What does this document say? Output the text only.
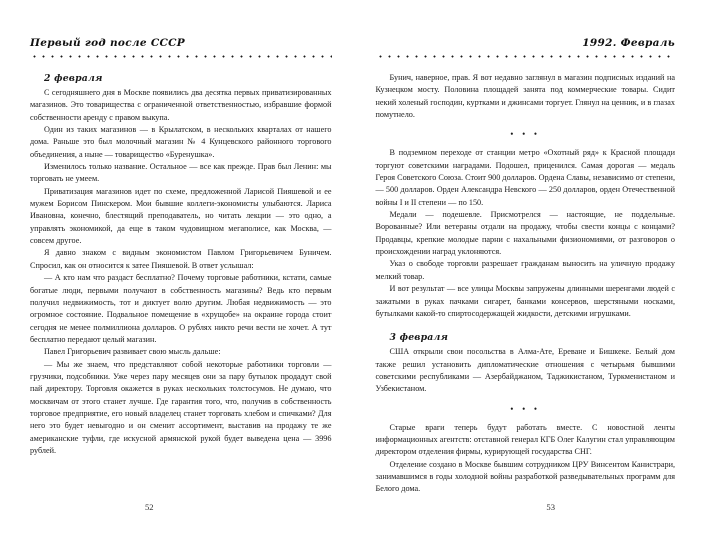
Первый год после СССР
2 февраля

С сегодняшнего дня в Москве появились два десятка первых приватизированных магазинов. Это товарищества с ограниченной ответственностью, избравшие формой собственности аренду с правом выкупа.

Один из таких магазинов — в Крылатском, в нескольких кварталах от нашего дома. Раньше это был молочный магазин № 4 Кунцевского районного торгового объединения, а ныне — товарищество «Буренушка».

Изменилось только название. Остальное — все как прежде. Прав был Ленин: мы торговать не умеем.

Приватизация магазинов идет по схеме, предложенной Ларисой Пияшевой и ее мужем Борисом Пинскером. Мои бывшие коллеги-экономисты улыбаются. Лариса Ивановна, конечно, блестящий преподаватель, но читать лекции — это одно, а управлять экономикой, да еще в таком чудовищном мегаполисе, как Москва, — совсем другое.

Я давно знаком с видным экономистом Павлом Григорьевичем Буничем. Спросил, как он относится к затее Пияшевой. В ответ услышал:

— А кто нам что раздаст бесплатно? Почему торговые работники, кстати, самые богатые люди, первыми получают в собственность магазины? Ведь кто первым получил недвижимость, тот и диктует волю другим. Любая недвижимость — это огромное состояние. Подвальное помещение в «хрущобе» на окраине города стоит сегодня не менее полмиллиона долларов. О рублях никто речи вести не хочет. А тут бесплатно передают целый магазин.

Павел Григорьевич развивает свою мысль дальше:

— Мы же знаем, что представляют собой некоторые работники торговли — грузчики, подсобники. Уже через пару месяцев они за пару бутылок продадут свой пай директору. Торговля окажется в руках нескольких толстосумов. Не думаю, что москвичам от этого станет лучше. Где гарантия того, что, получив в собственность торговое предприятие, его новый владелец станет торговать хлебом и спичками? Для него это будет невыгодно и он сменит ассортимент, выставив на продажу те же американские туфли, где искусной армянской рукой будет выведена цена — 3996 рублей.

52
1992. Февраль

Бунич, наверное, прав. Я вот недавно заглянул в магазин подписных изданий на Кузнецком мосту. Половина площадей занята под коммерческие товары. Сидит некий холеный господин, куртками и джинсами торгует. Глянул на ценник, и в глазах помутнело.

• • •

В подземном переходе от станции метро «Охотный ряд» к Красной площади торгуют советскими наградами. Подошел, приценился. Самая дорогая — медаль Героя Советского Союза. Стоит 900 долларов. Ордена Славы, независимо от степени, — 500 долларов. Орден Александра Невского — 250 долларов, орден Отечественной войны I и II степени — по 150.

Медали — подешевле. Присмотрелся — настоящие, не поддельные. Ворованные? Или ветераны отдали на продажу, чтобы свести концы с концами? Продавцы, крепкие молодые парни с нахальными физиономиями, от разговоров о происхождении наград уклоняются.

Указ о свободе торговли разрешает гражданам выносить на уличную продажу мелкий товар.

И вот результат — все улицы Москвы запружены длинными шеренгами людей с зажатыми в руках пачками сигарет, банками консервов, шерстяными носками, бутылками какой-то спиртосодержащей жидкости, детскими игрушками.

3 февраля

США открыли свои посольства в Алма-Ате, Ереване и Бишкеке. Белый дом также решил установить дипломатические отношения с четырьмя бывшими советскими республиками — Азербайджаном, Таджикистаном, Туркменистаном и Узбекистаном.

• • •

Старые враги теперь будут работать вместе. С новостной ленты информационных агентств: отставной генерал КГБ Олег Калугин стал управляющим директором отделения фирмы, курирующей государства СНГ.

Отделение создано в Москве бывшим сотрудником ЦРУ Винсентом Канистрари, занимавшимся в годы холодной войны разработкой разведывательных программ для Белого дома.

53
